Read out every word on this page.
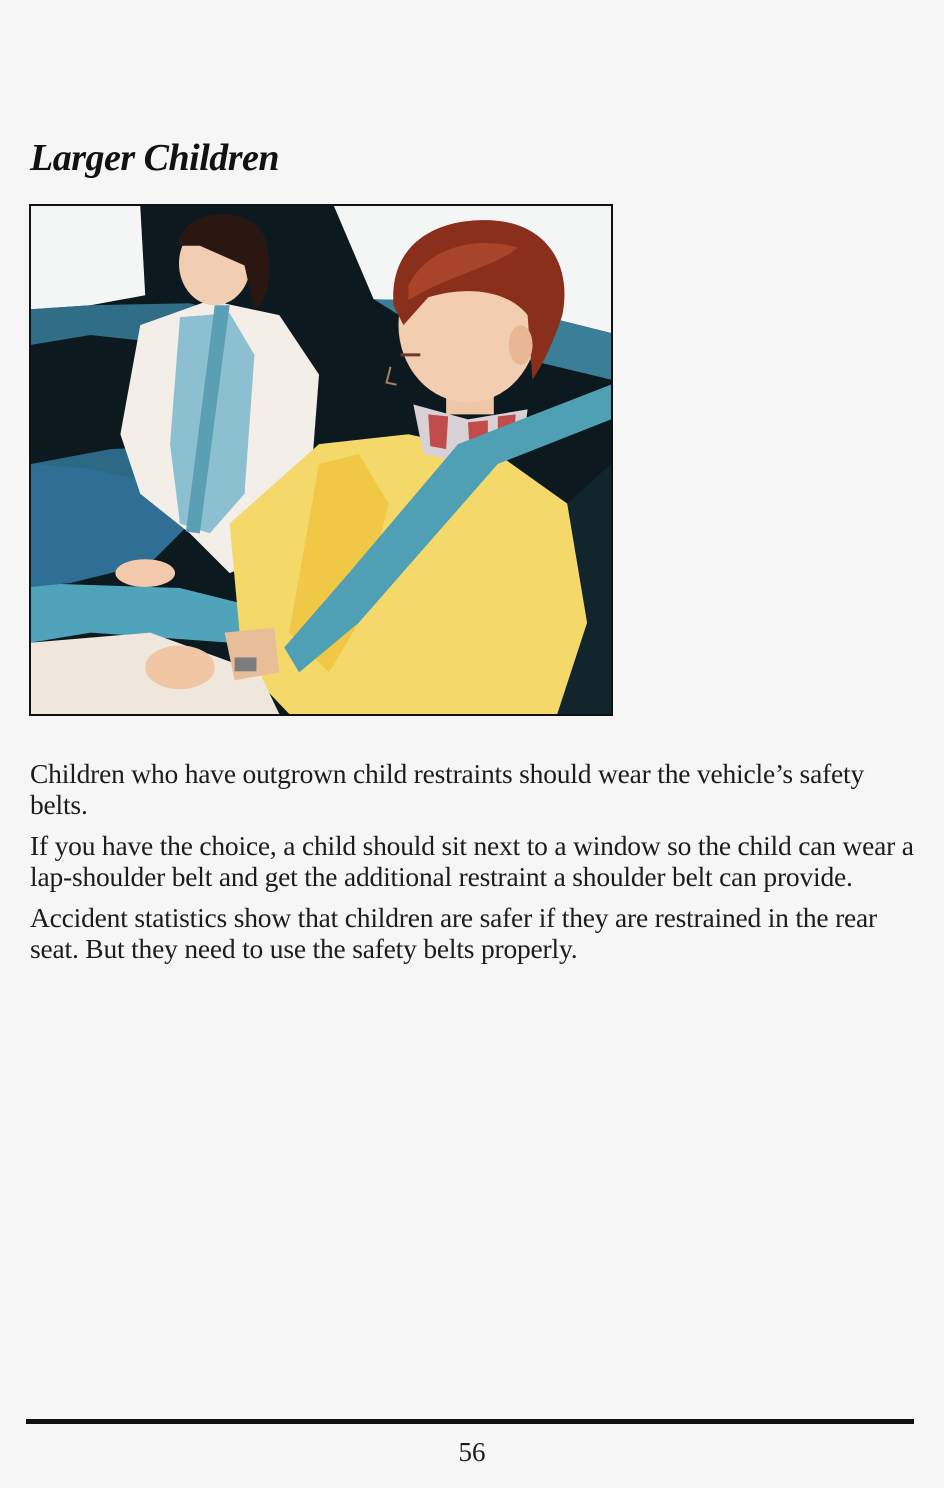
Larger Children

Children who have outgrown child restraints should wear the vehicle’s safety belts.

If you have the choice, a child should sit next to a window so the child can wear a lap-shoulder belt and get the additional restraint a shoulder belt can provide.

Accident statistics show that children are safer if they are restrained in the rear seat. But they need to use the safety belts properly.

56
